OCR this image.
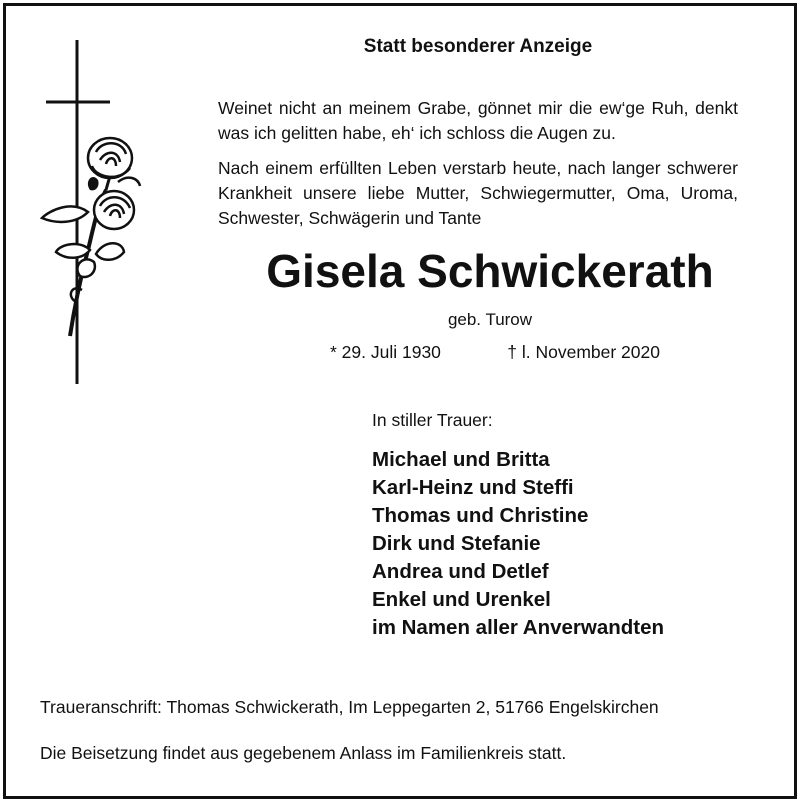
Statt besonderer Anzeige
Weinet nicht an meinem Grabe, gönnet mir die ew‘ge Ruh, denkt was ich gelitten habe, eh‘ ich schloss die Augen zu.
Nach einem erfüllten Leben verstarb heute, nach langer schwerer Krankheit unsere liebe Mutter, Schwiegermutter, Oma, Uroma, Schwester, Schwägerin und Tante
Gisela Schwickerath
geb. Turow
* 29. Juli 1930	† l. November 2020
In stiller Trauer:
Michael und Britta
Karl-Heinz und Steffi
Thomas und Christine
Dirk und Stefanie
Andrea und Detlef
Enkel und Urenkel
im Namen aller Anverwandten
Traueranschrift: Thomas Schwickerath, Im Leppegarten 2, 51766 Engelskirchen
Die Beisetzung findet aus gegebenem Anlass im Familienkreis statt.
